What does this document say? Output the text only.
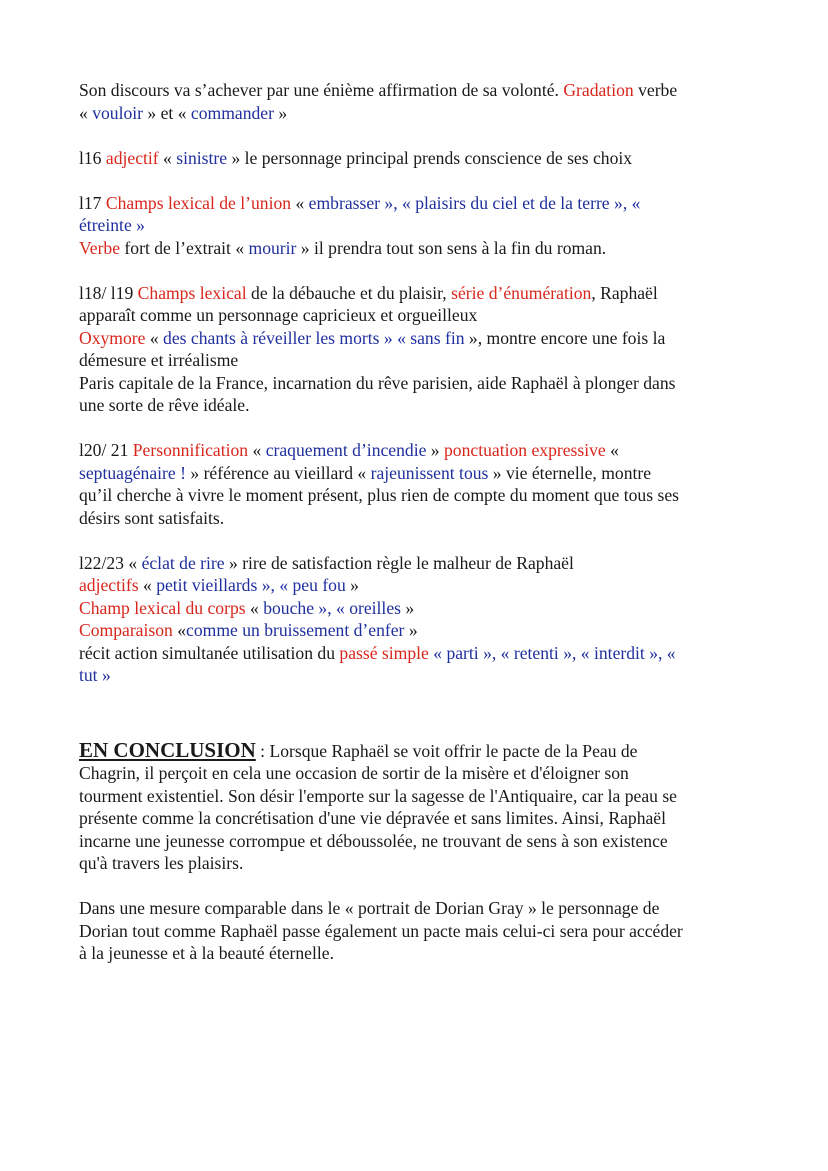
Son discours va s’achever par une énième affirmation de sa volonté. Gradation verbe
« vouloir » et « commander »
l16 adjectif « sinistre » le personnage principal prends conscience de ses choix
l17 Champs lexical de l’union « embrasser », « plaisirs du ciel et de la terre », «
étreinte »
Verbe fort de l’extrait « mourir » il prendra tout son sens à la fin du roman.
l18/ l19 Champs lexical de la débauche et du plaisir, série d’énumération, Raphaël
apparaît comme un personnage capricieux et orgueilleux
Oxymore « des chants à réveiller les morts » « sans fin », montre encore une fois la
démesure et irréalisme
Paris capitale de la France, incarnation du rêve parisien, aide Raphaël à plonger dans
une sorte de rêve idéale.
l20/ 21 Personnification « craquement d’incendie » ponctuation expressive «
septuagénaire ! » référence au vieillard « rajeunissent tous » vie éternelle, montre
qu’il cherche à vivre le moment présent, plus rien de compte du moment que tous ses
désirs sont satisfaits.
l22/23 « éclat de rire » rire de satisfaction règle le malheur de Raphaël
adjectifs « petit vieillards », « peu fou »
Champ lexical du corps « bouche », « oreilles »
Comparaison «comme un bruissement d’enfer »
récit action simultanée utilisation du passé simple « parti », « retenti », « interdit », «
tut »
EN CONCLUSION : Lorsque Raphaël se voit offrir le pacte de la Peau de
Chagrin, il perçoit en cela une occasion de sortir de la misère et d'éloigner son
tourment existentiel. Son désir l'emporte sur la sagesse de l'Antiquaire, car la peau se
présente comme la concrétisation d'une vie dépravée et sans limites. Ainsi, Raphaël
incarne une jeunesse corrompue et déboussolée, ne trouvant de sens à son existence
qu'à travers les plaisirs.
Dans une mesure comparable dans le « portrait de Dorian Gray » le personnage de
Dorian tout comme Raphaël passe également un pacte mais celui-ci sera pour accéder
à la jeunesse et à la beauté éternelle.
